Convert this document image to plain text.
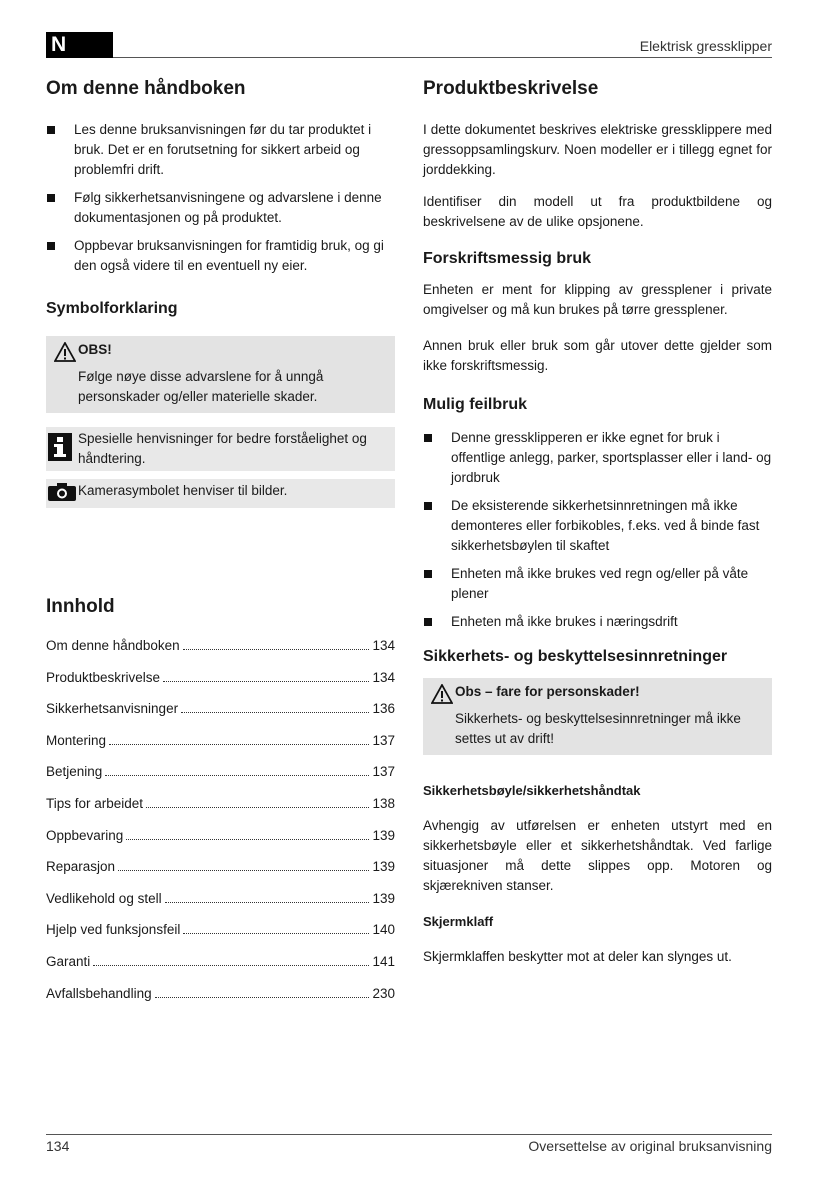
N	Elektrisk gressklipper
Om denne håndboken
Les denne bruksanvisningen før du tar produktet i bruk. Det er en forutsetning for sikkert arbeid og problemfri drift.
Følg sikkerhetsanvisningene og advarslene i denne dokumentasjonen og på produktet.
Oppbevar bruksanvisningen for framtidig bruk, og gi den også videre til en eventuell ny eier.
Symbolforklaring
OBS!
Følge nøye disse advarslene for å unngå personskader og/eller materielle skader.
Spesielle henvisninger for bedre forståelighet og håndtering.
Kamerasymbolet henviser til bilder.
Innhold
Om denne håndboken	134
Produktbeskrivelse	134
Sikkerhetsanvisninger	136
Montering	137
Betjening	137
Tips for arbeidet	138
Oppbevaring	139
Reparasjon	139
Vedlikehold og stell	139
Hjelp ved funksjonsfeil	140
Garanti	141
Avfallsbehandling	230
Produktbeskrivelse

I dette dokumentet beskrives elektriske gressklippere med gressoppsamlingskurv. Noen modeller er i tillegg egnet for jorddekking.

Identifiser din modell ut fra produktbildene og beskrivelsene av de ulike opsjonene.

Forskriftsmessig bruk

Enheten er ment for klipping av gressplener i private omgivelser og må kun brukes på tørre gressplener.

Annen bruk eller bruk som går utover dette gjelder som ikke forskriftsmessig.

Mulig feilbruk
Denne gressklipperen er ikke egnet for bruk i offentlige anlegg, parker, sportsplasser eller i land- og jordbruk
De eksisterende sikkerhetsinnretningen må ikke demonteres eller forbikobles, f.eks. ved å binde fast sikkerhetsbøylen til skaftet
Enheten må ikke brukes ved regn og/eller på våte plener
Enheten må ikke brukes i næringsdrift
Sikkerhets- og beskyttelsesinnretninger
Obs – fare for personskader!
Sikkerhets- og beskyttelsesinnretninger må ikke settes ut av drift!
Sikkerhetsbøyle/sikkerhetshåndtak

Avhengig av utførelsen er enheten utstyrt med en sikkerhetsbøyle eller et sikkerhetshåndtak. Ved farlige situasjoner må dette slippes opp. Motoren og skjærekniven stanser.

Skjermklaff

Skjermklaffen beskytter mot at deler kan slynges ut.

134	Oversettelse av original bruksanvisning
